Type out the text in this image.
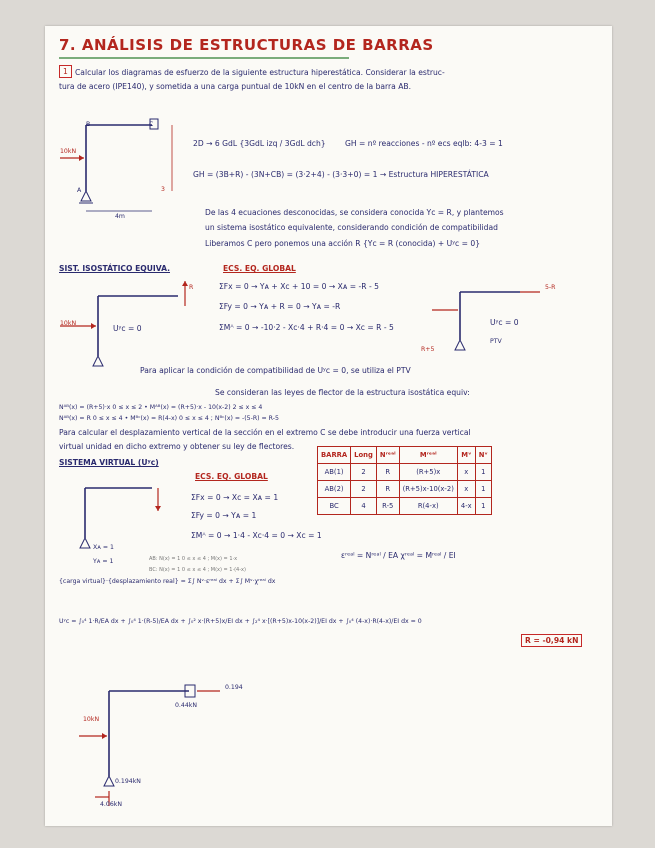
7. ANÁLISIS DE ESTRUCTURAS DE BARRAS
1 Calcular los diagramas de esfuerzo de la siguiente estructura hiperestática. Considerar la estruc-
tura de acero (IPE140), y sometida a una carga puntual de 10kN en el centro de la barra AB.
10kN
B	C
A
4m
3
2D → 6 GdL {3GdL izq / 3GdL dch}	GH = nº reacciones - nº ecs eqlb: 4-3 = 1
GH = (3B+R) - (3N+CB) = (3·2+4) - (3·3+0) = 1 → Estructura HIPERESTÁTICA
De las 4 ecuaciones desconocidas, se considera conocida Yc = R, y plantemos
un sistema isostático equivalente, considerando condición de compatibilidad
Liberamos C pero ponemos una acción R {Yc = R (conocida) + Uʸc = 0}
SIST. ISOSTÁTICO EQUIVA.	ECS. EQ. GLOBAL
ΣFx = 0 → Yᴀ + Xc + 10 = 0 → Xᴀ = -R - 5
ΣFy = 0 → Yᴀ + R = 0 → Yᴀ = -R
ΣMᴬ = 0 → -10·2 - Xc·4 + R·4 = 0 → Xc = R - 5
10kN
R
Uʸc = 0
5-R
Uʸc = 0
PTV
R+5
Para aplicar la condición de compatibilidad de Uʸc = 0, se utiliza el PTV
Se consideran las leyes de flector de la estructura isostática equiv:
Nᴬᴮ(x) = (R+5)·x 0 ≤ x ≤ 2 • Mᴬᴮ(x) = (R+5)·x - 10(x-2) 2 ≤ x ≤ 4
Nᴬᴮ(x) = R 0 ≤ x ≤ 4 • Mᴮᶜ(x) = R(4-x) 0 ≤ x ≤ 4 ; Nᴮᶜ(x) = -(5-R) = R-5
Para calcular el desplazamiento vertical de la sección en el extremo C se debe introducir una fuerza vertical
virtual unidad en dicho extremo y obtener su ley de flectores.
SISTEMA VIRTUAL (Uʸc)
ECS. EQ. GLOBAL
ΣFx = 0 → Xc = Xᴀ = 1
ΣFy = 0 → Yᴀ = 1
ΣMᴬ = 0 → 1·4 - Xc·4 = 0 → Xc = 1
Xᴀ = 1
Yᴀ = 1	AB: N(x) = 1 0 ≤ x ≤ 4 ; M(x) = 1·x
BC: N(x) = 1 0 ≤ x ≤ 4 ; M(x) = 1·(4-x)
BARRA	Long	Nʳᵉᵃˡ	Mʳᵉᵃˡ	Mᵛ	Nᵛ
AB(1)	2	R	(R+5)x	x	1
AB(2)	2	R	(R+5)x-10(x-2)	x	1
BC	4	R-5	R(4-x)	4-x	1
εʳᵉᵃˡ = Nʳᵉᵃˡ / EA χʳᵉᵃˡ = Mʳᵉᵃˡ / EI
{carga virtual}·{desplazamiento real} = Σ∫ Nᵛ·εʳᵉᵃˡ dx + Σ∫ Mᵛ·χʳᵉᵃˡ dx
Uʸc = ∫₀⁴ 1·R/EA dx + ∫₀⁴ 1·(R-5)/EA dx + ∫₀² x·(R+5)x/EI dx + ∫₂⁴ x·[(R+5)x-10(x-2)]/EI dx + ∫₀⁴ (4-x)·R(4-x)/EI dx = 0
R = -0,94 kN
10kN
0.194
0.44kN
0.194kN
4.06kN
